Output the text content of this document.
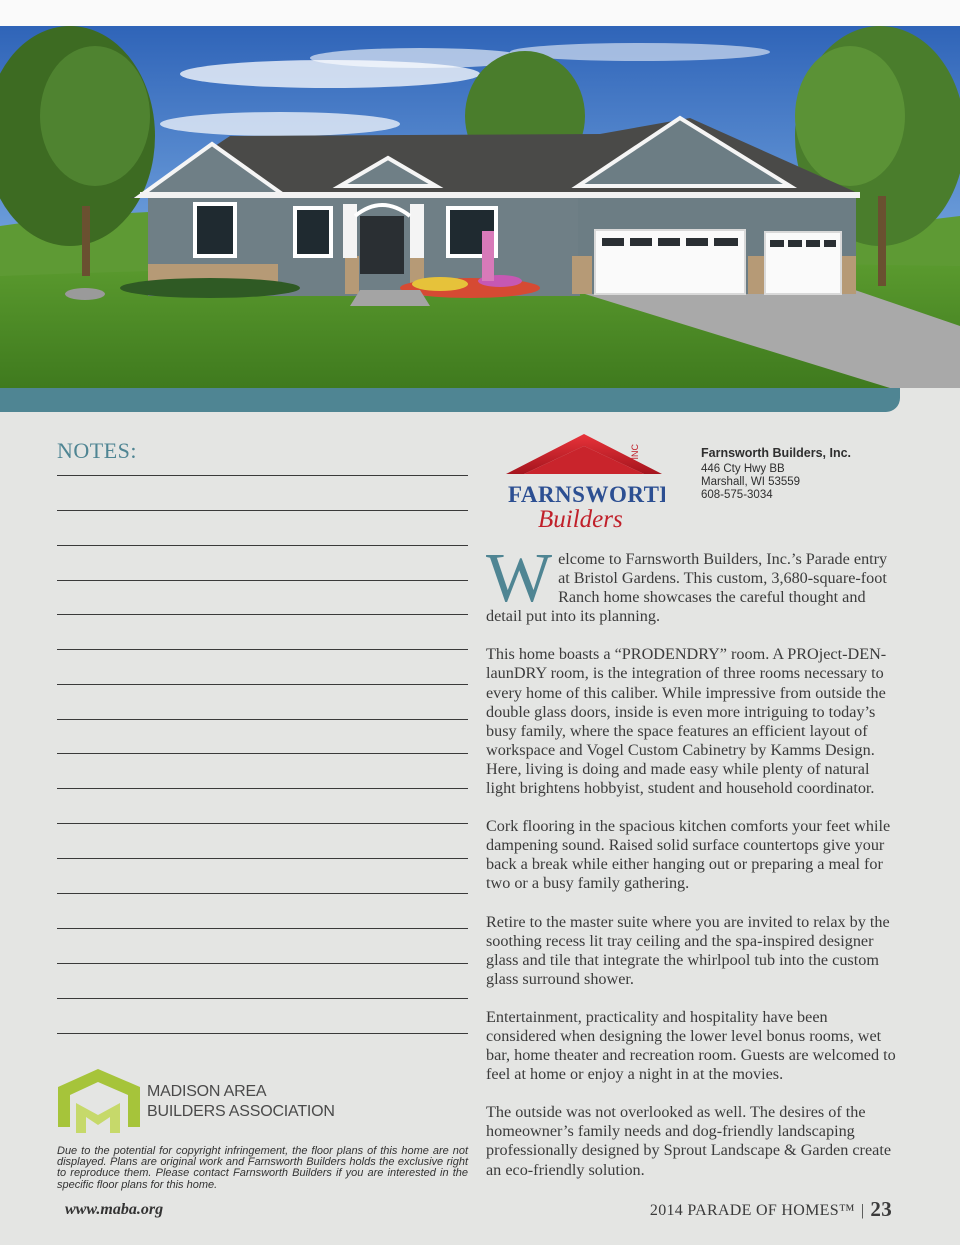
NOTES:
MADISON AREA
BUILDERS ASSOCIATION
Due to the potential for copyright infringement, the floor plans of this home are not displayed. Plans are original work and Farnsworth Builders holds the exclusive right to reproduce them. Please contact Farnsworth Builders if you are interested in the specific floor plans for this home.
www.maba.org
FARNSWORTH
Builders
INC	Farnsworth Builders, Inc.
446 Cty Hwy BB
Marshall, WI 53559
608-575-3034

Welcome to Farnsworth Builders, Inc.’s Parade entry at Bristol Gardens. This custom, 3,680-square-foot Ranch home showcases the careful thought and detail put into its planning.

This home boasts a “PRODENDRY” room. A PROject-DEN-launDRY room, is the integration of three rooms necessary to every home of this caliber. While impressive from outside the double glass doors, inside is even more intriguing to today’s busy family, where the space features an efficient layout of workspace and Vogel Custom Cabinetry by Kamms Design. Here, living is doing and made easy while plenty of natural light brightens hobbyist, student and household coordinator.

Cork flooring in the spacious kitchen comforts your feet while dampening sound. Raised solid surface countertops give your back a break while either hanging out or preparing a meal for two or a busy family gathering.

Retire to the master suite where you are invited to relax by the soothing recess lit tray ceiling and the spa-inspired designer glass and tile that integrate the whirlpool tub into the custom glass surround shower.

Entertainment, practicality and hospitality have been considered when designing the lower level bonus rooms, wet bar, home theater and recreation room. Guests are welcomed to feel at home or enjoy a night in at the movies.

The outside was not overlooked as well. The desires of the homeowner’s family needs and dog-friendly landscaping professionally designed by Sprout Landscape & Garden create an eco-friendly solution.

2014 PARADE OF HOMES™ | 23
